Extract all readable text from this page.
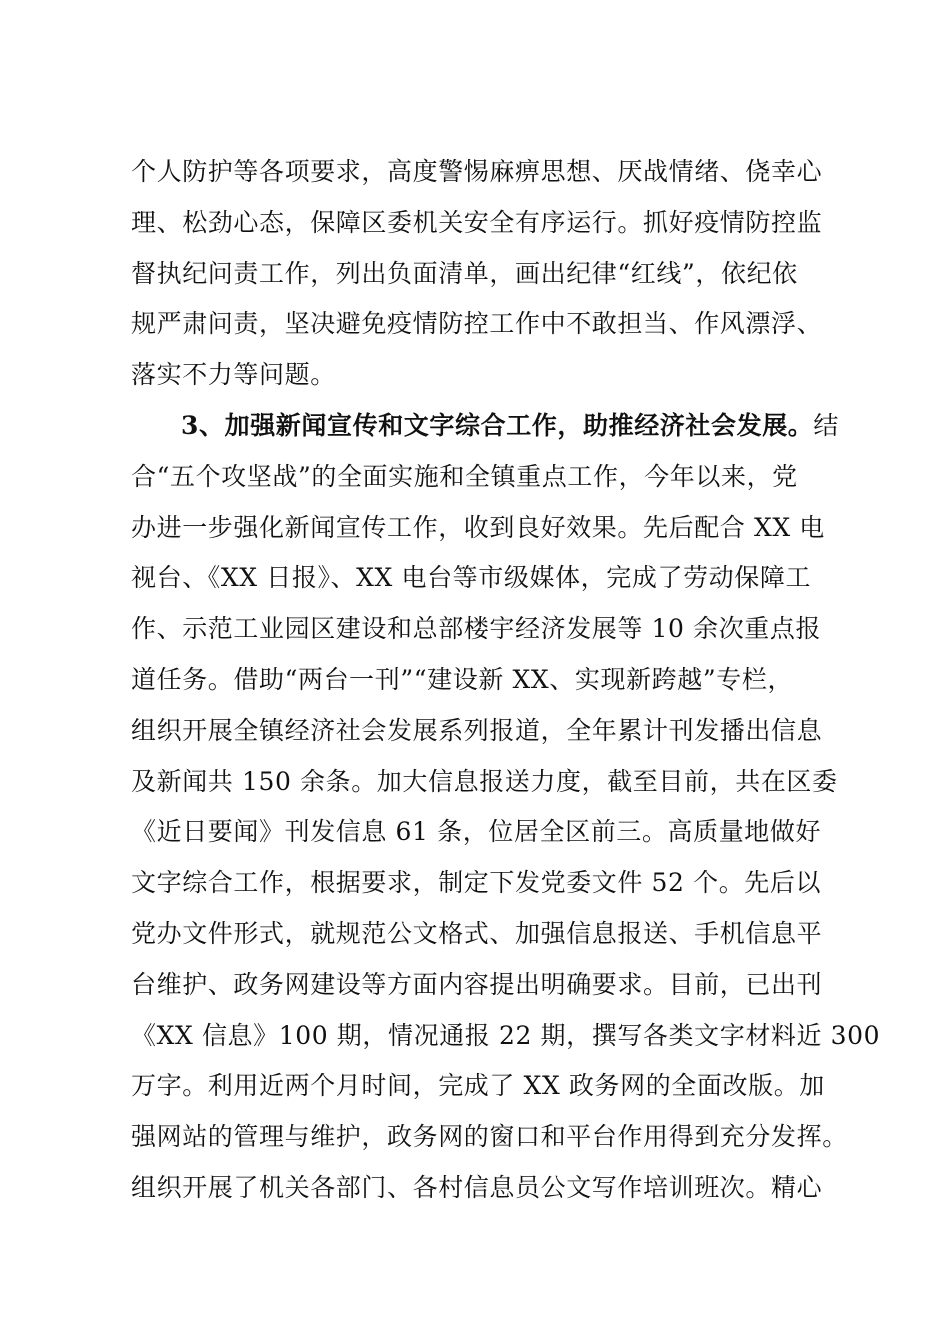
个人防护等各项要求，高度警惕麻痹思想、厌战情绪、侥幸心
理、松劲心态，保障区委机关安全有序运行。抓好疫情防控监
督执纪问责工作，列出负面清单，画出纪律“红线”，依纪依
规严肃问责，坚决避免疫情防控工作中不敢担当、作风漂浮、
落实不力等问题。
3、加强新闻宣传和文字综合工作，助推经济社会发展。结
合“五个攻坚战”的全面实施和全镇重点工作，今年以来，党
办进一步强化新闻宣传工作，收到良好效果。先后配合 XX 电
视台、《XX 日报》、XX 电台等市级媒体，完成了劳动保障工
作、示范工业园区建设和总部楼宇经济发展等 10 余次重点报
道任务。借助“两台一刊”“建设新 XX、实现新跨越”专栏，
组织开展全镇经济社会发展系列报道，全年累计刊发播出信息
及新闻共 150 余条。加大信息报送力度，截至目前，共在区委
《近日要闻》刊发信息 61 条，位居全区前三。高质量地做好
文字综合工作，根据要求，制定下发党委文件 52 个。先后以
党办文件形式，就规范公文格式、加强信息报送、手机信息平
台维护、政务网建设等方面内容提出明确要求。目前，已出刊
《XX 信息》100 期，情况通报 22 期，撰写各类文字材料近 300
万字。利用近两个月时间，完成了 XX 政务网的全面改版。加
强网站的管理与维护，政务网的窗口和平台作用得到充分发挥。
组织开展了机关各部门、各村信息员公文写作培训班次。精心
